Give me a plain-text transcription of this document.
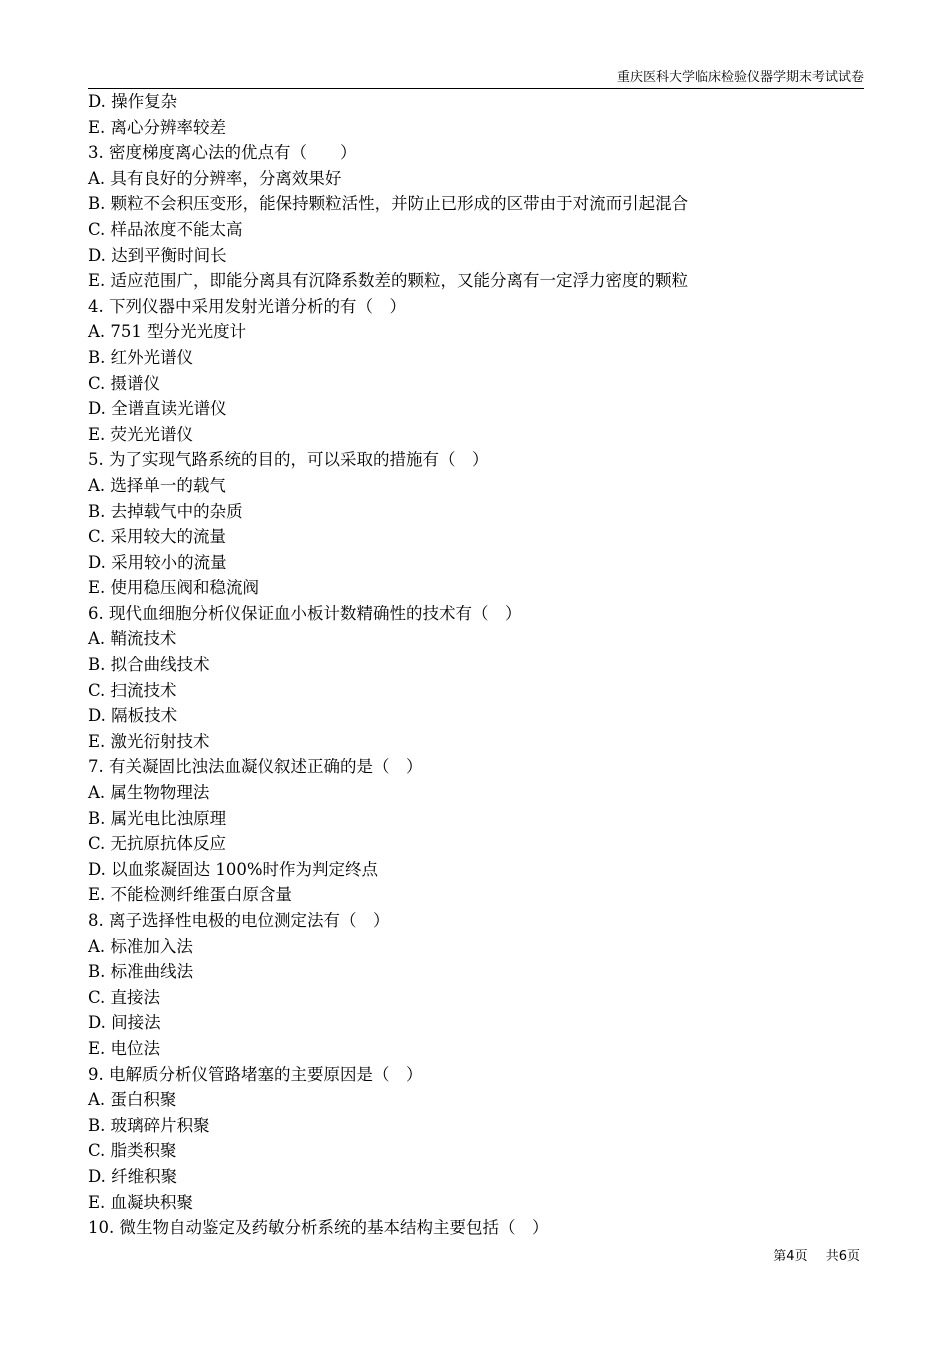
重庆医科大学临床检验仪器学期末考试试卷
D. 操作复杂
E. 离心分辨率较差
3. 密度梯度离心法的优点有（　　）
A. 具有良好的分辨率，分离效果好
B. 颗粒不会积压变形，能保持颗粒活性，并防止已形成的区带由于对流而引起混合
C. 样品浓度不能太高
D. 达到平衡时间长
E. 适应范围广，即能分离具有沉降系数差的颗粒，又能分离有一定浮力密度的颗粒
4. 下列仪器中采用发射光谱分析的有（　）
A. 751 型分光光度计
B. 红外光谱仪
C. 摄谱仪
D. 全谱直读光谱仪
E. 荧光光谱仪
5. 为了实现气路系统的目的，可以采取的措施有（　）
A. 选择单一的载气
B. 去掉载气中的杂质
C. 采用较大的流量
D. 采用较小的流量
E. 使用稳压阀和稳流阀
6. 现代血细胞分析仪保证血小板计数精确性的技术有（　）
A. 鞘流技术
B. 拟合曲线技术
C. 扫流技术
D. 隔板技术
E. 激光衍射技术
7. 有关凝固比浊法血凝仪叙述正确的是（　）
A. 属生物物理法
B. 属光电比浊原理
C. 无抗原抗体反应
D. 以血浆凝固达 100%时作为判定终点
E. 不能检测纤维蛋白原含量
8. 离子选择性电极的电位测定法有（　）
A. 标准加入法
B. 标准曲线法
C. 直接法
D. 间接法
E. 电位法
9. 电解质分析仪管路堵塞的主要原因是（　）
A. 蛋白积聚
B. 玻璃碎片积聚
C. 脂类积聚
D. 纤维积聚
E. 血凝块积聚
10. 微生物自动鉴定及药敏分析系统的基本结构主要包括（　）
第4页 共6页
